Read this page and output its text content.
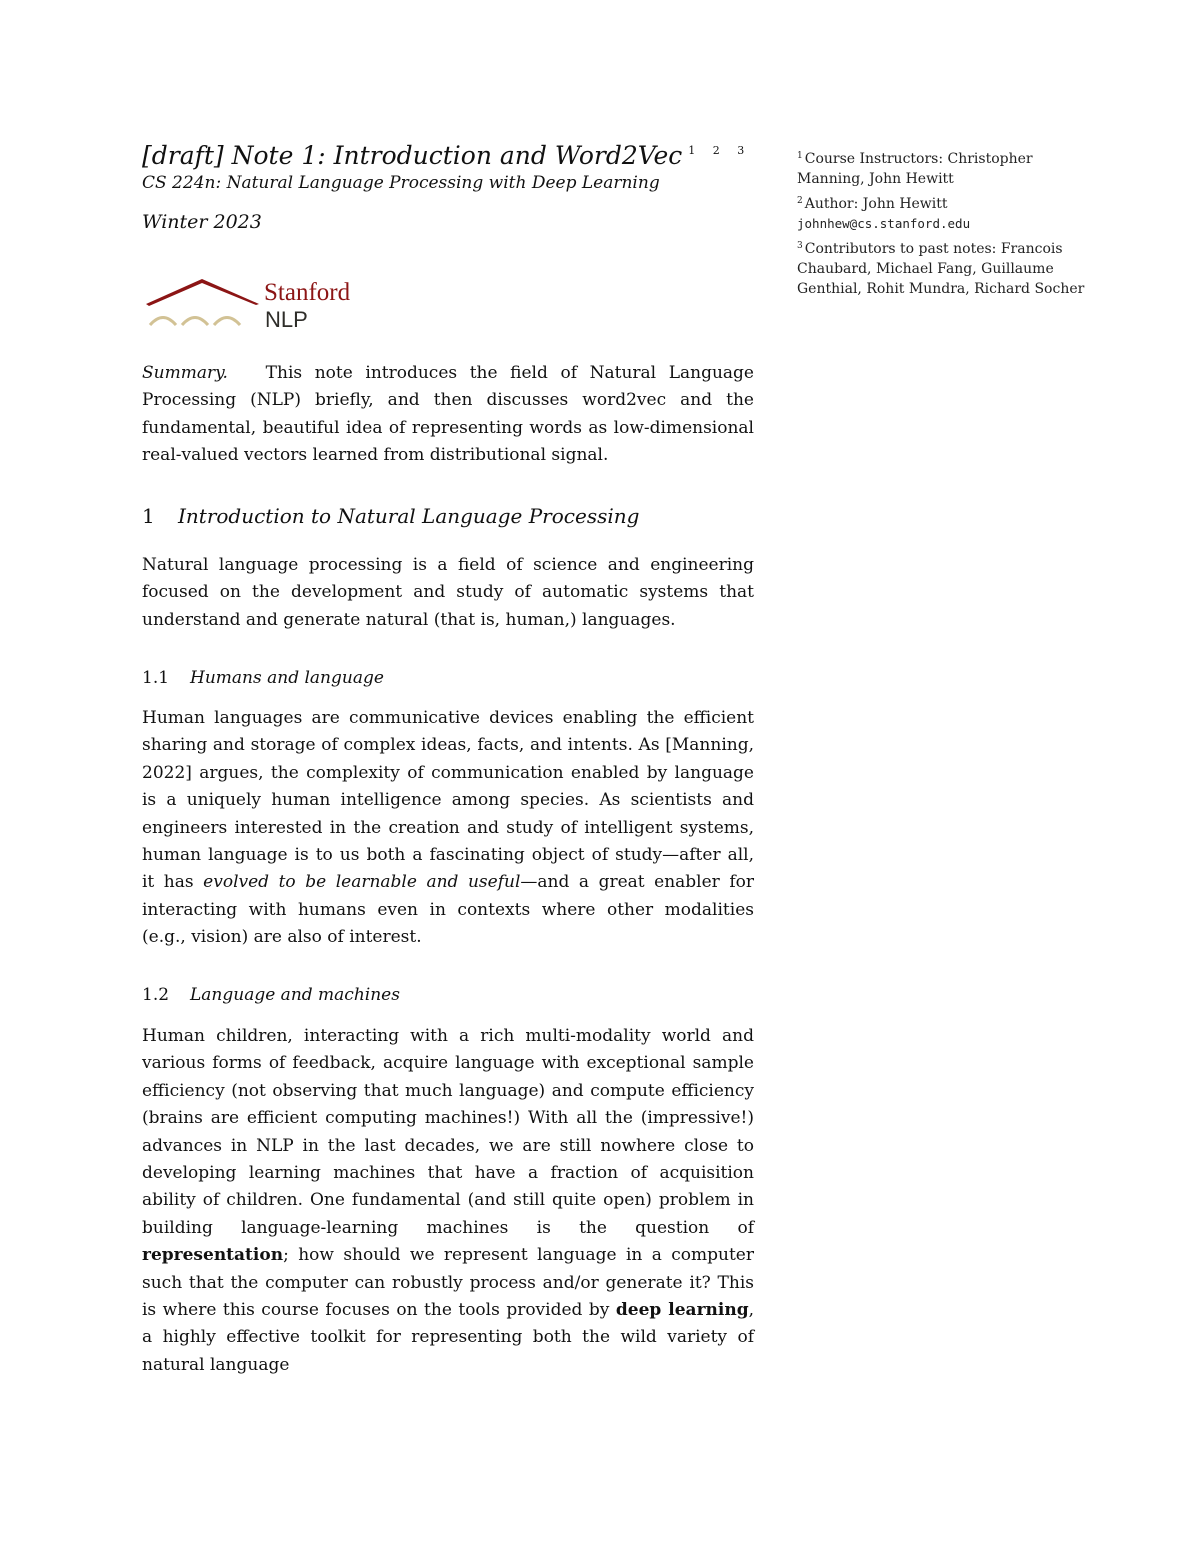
[draft] Note 1: Introduction and Word2Vec $^{1 2 3}$
CS 224n: Natural Language Processing with Deep Learning
Winter 2023
Stanford
NLP
Summary. This note introduces the field of Natural Language Processing (NLP) briefly, and then discusses word2vec and the fundamental, beautiful idea of representing words as low-dimensional real-valued vectors learned from distributional signal.
1 Introduction to Natural Language Processing
Natural language processing is a field of science and engineering focused on the development and study of automatic systems that understand and generate natural (that is, human,) languages.
1.1 Humans and language
Human languages are communicative devices enabling the efficient sharing and storage of complex ideas, facts, and intents. As [Manning, 2022] argues, the complexity of communication enabled by language is a uniquely human intelligence among species. As scientists and engineers interested in the creation and study of intelligent systems, human language is to us both a fascinating object of study—after all, it has evolved to be learnable and useful—and a great enabler for interacting with humans even in contexts where other modalities (e.g., vision) are also of interest.
1.2 Language and machines
Human children, interacting with a rich multi-modality world and various forms of feedback, acquire language with exceptional sample efficiency (not observing that much language) and compute efficiency (brains are efficient computing machines!) With all the (impressive!) advances in NLP in the last decades, we are still nowhere close to developing learning machines that have a fraction of acquisition ability of children. One fundamental (and still quite open) problem in building language-learning machines is the question of representation; how should we represent language in a computer such that the computer can robustly process and/or generate it? This is where this course focuses on the tools provided by deep learning, a highly effective toolkit for representing both the wild variety of natural language
$^1$ Course Instructors: Christopher Manning, John Hewitt
$^2$ Author: John Hewitt
johnhew@cs.stanford.edu
$^3$ Contributors to past notes: Francois Chaubard, Michael Fang, Guillaume Genthial, Rohit Mundra, Richard Socher
